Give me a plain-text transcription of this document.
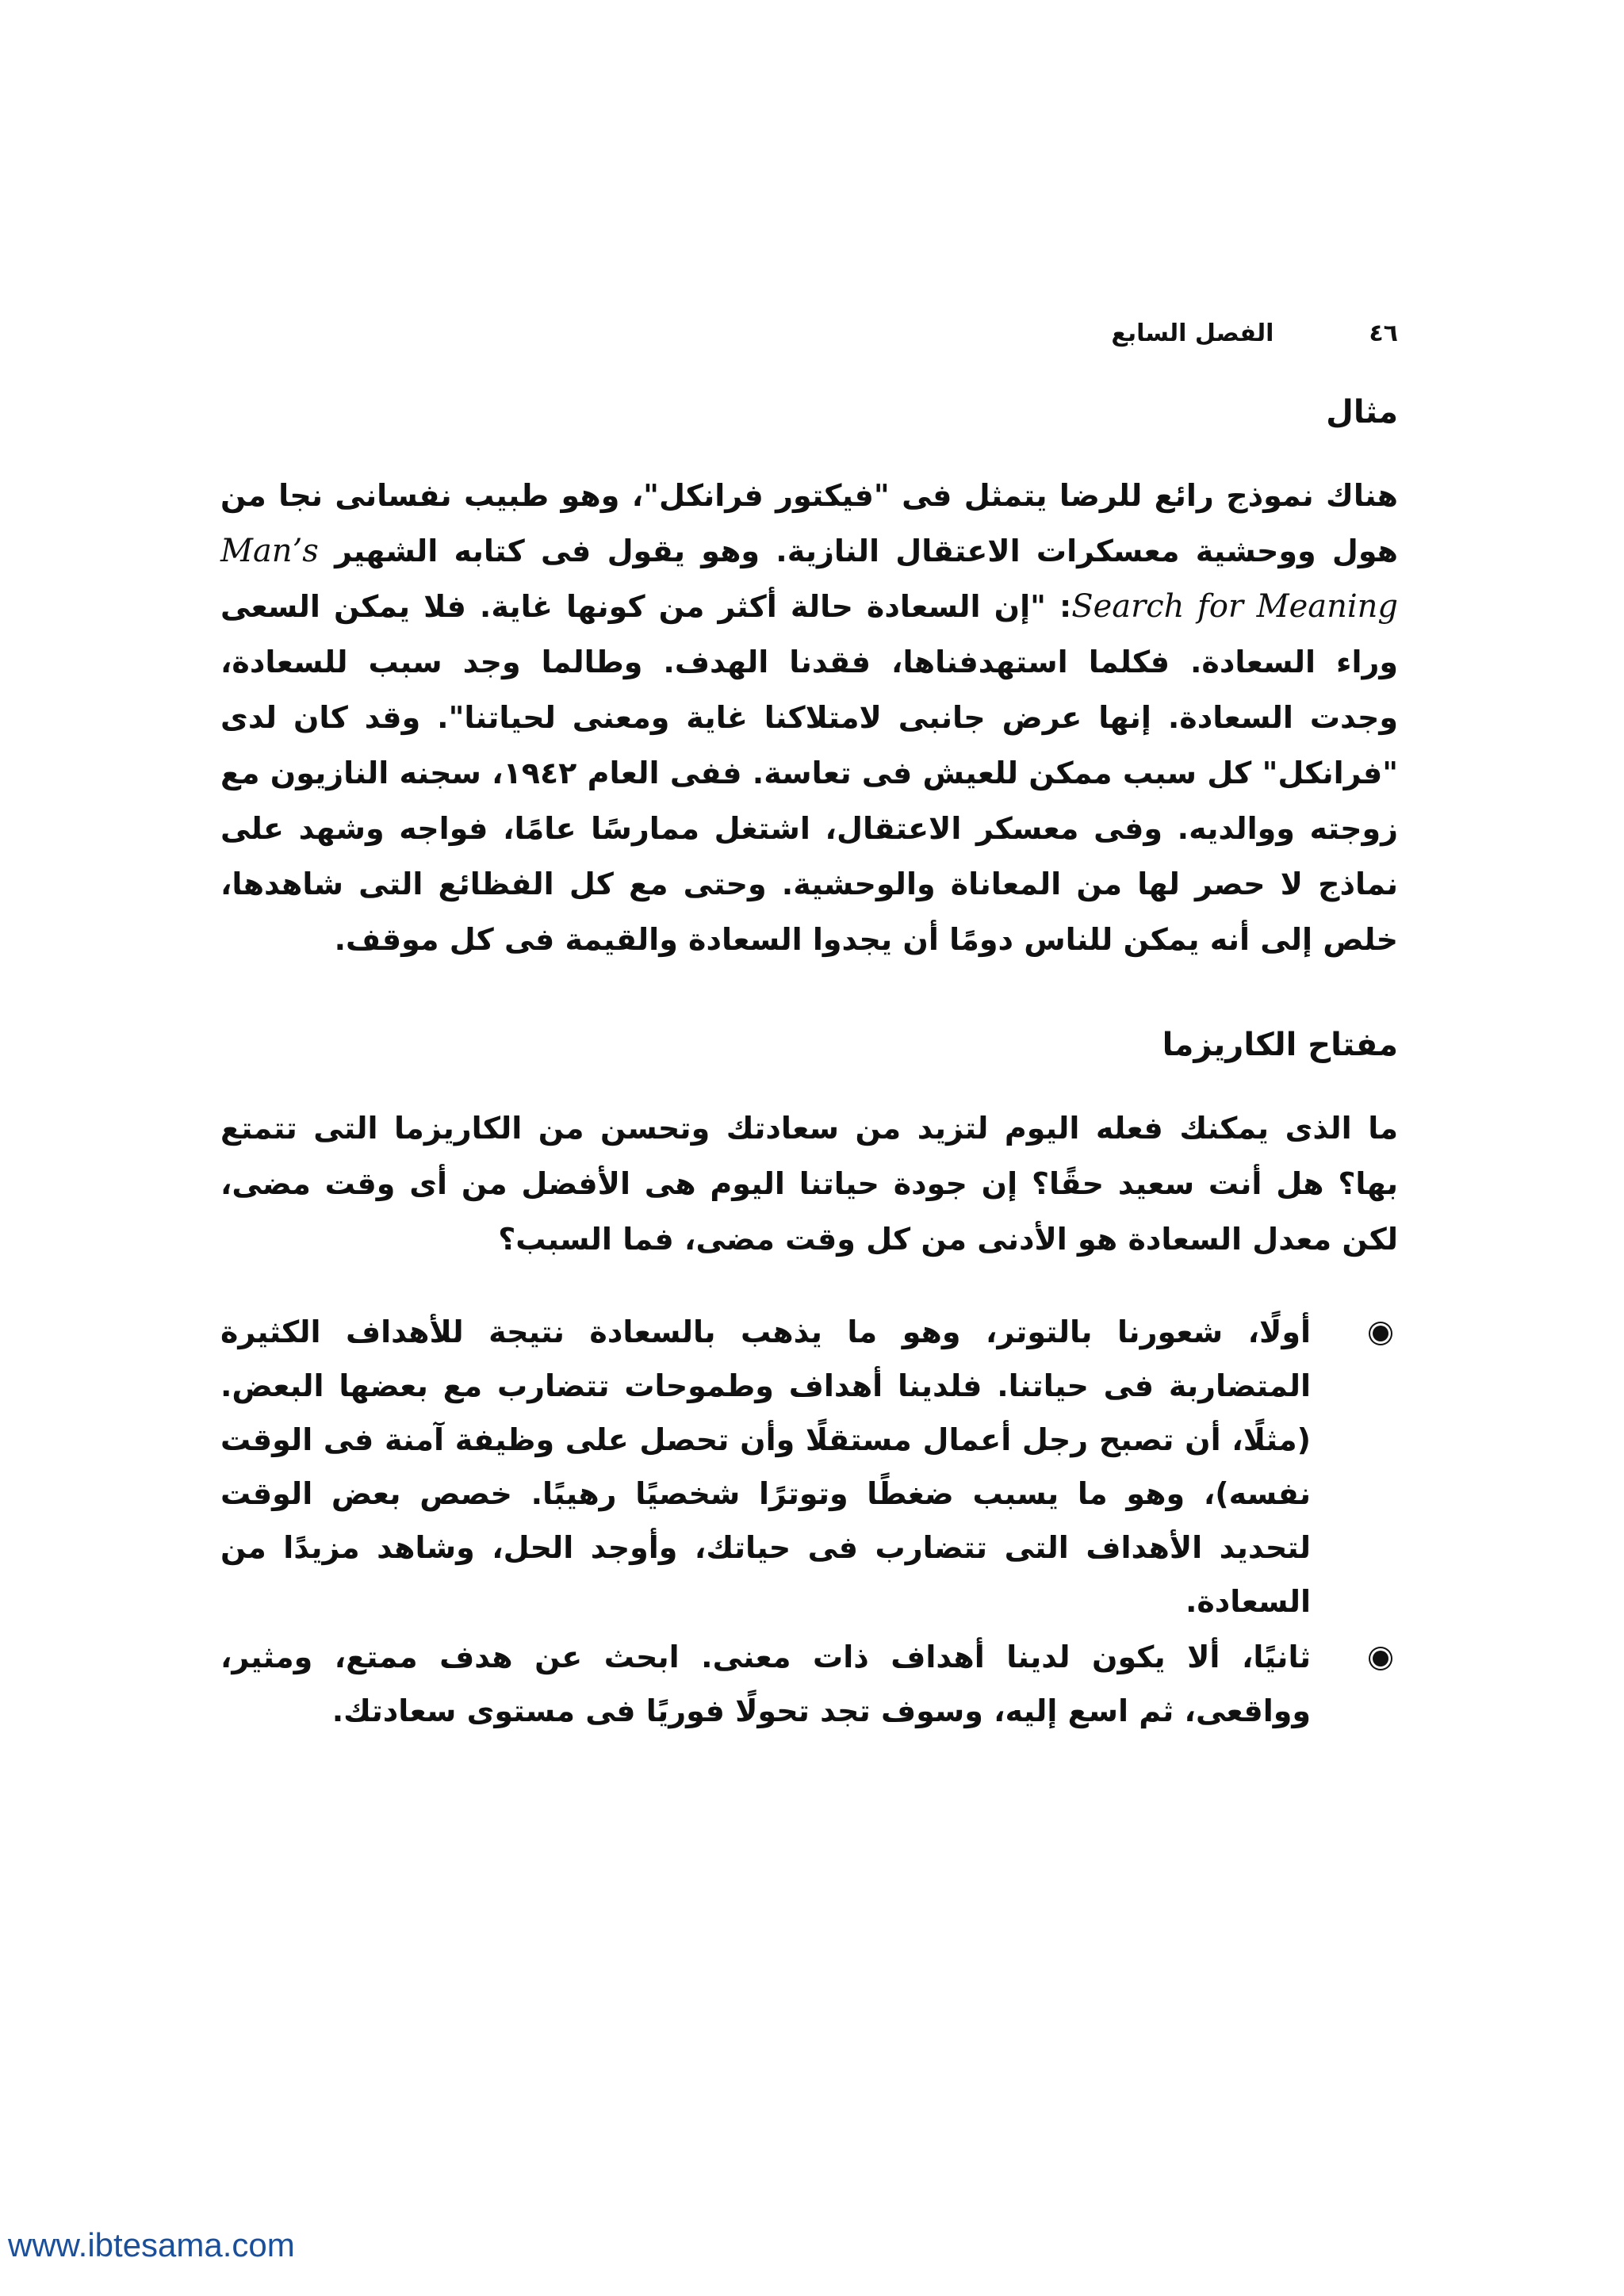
٤٦
الفصل السابع
مثال

هناك نموذج رائع للرضا يتمثل فى "فيكتور فرانكل"، وهو طبيب نفسانى نجا من هول ووحشية معسكرات الاعتقال النازية. وهو يقول فى كتابه الشهير Man’s Search for Meaning: "إن السعادة حالة أكثر من كونها غاية. فلا يمكن السعى وراء السعادة. فكلما استهدفناها، فقدنا الهدف. وطالما وجد سبب للسعادة، وجدت السعادة. إنها عرض جانبى لامتلاكنا غاية ومعنى لحياتنا". وقد كان لدى "فرانكل" كل سبب ممكن للعيش فى تعاسة. ففى العام ١٩٤٢، سجنه النازيون مع زوجته ووالديه. وفى معسكر الاعتقال، اشتغل ممارسًا عامًا، فواجه وشهد على نماذج لا حصر لها من المعاناة والوحشية. وحتى مع كل الفظائع التى شاهدها، خلص إلى أنه يمكن للناس دومًا أن يجدوا السعادة والقيمة فى كل موقف.

مفتاح الكاريزما

ما الذى يمكنك فعله اليوم لتزيد من سعادتك وتحسن من الكاريزما التى تتمتع بها؟ هل أنت سعيد حقًا؟ إن جودة حياتنا اليوم هى الأفضل من أى وقت مضى، لكن معدل السعادة هو الأدنى من كل وقت مضى، فما السبب؟

أولًا، شعورنا بالتوتر، وهو ما يذهب بالسعادة نتيجة للأهداف الكثيرة المتضاربة فى حياتنا. فلدينا أهداف وطموحات تتضارب مع بعضها البعض. (مثلًا، أن تصبح رجل أعمال مستقلًا وأن تحصل على وظيفة آمنة فى الوقت نفسه)، وهو ما يسبب ضغطًا وتوترًا شخصيًا رهيبًا. خصص بعض الوقت لتحديد الأهداف التى تتضارب فى حياتك، وأوجد الحل، وشاهد مزيدًا من السعادة.
ثانيًا، ألا يكون لدينا أهداف ذات معنى. ابحث عن هدف ممتع، ومثير، وواقعى، ثم اسع إليه، وسوف تجد تحولًا فوريًا فى مستوى سعادتك.
www.ibtesama.com
